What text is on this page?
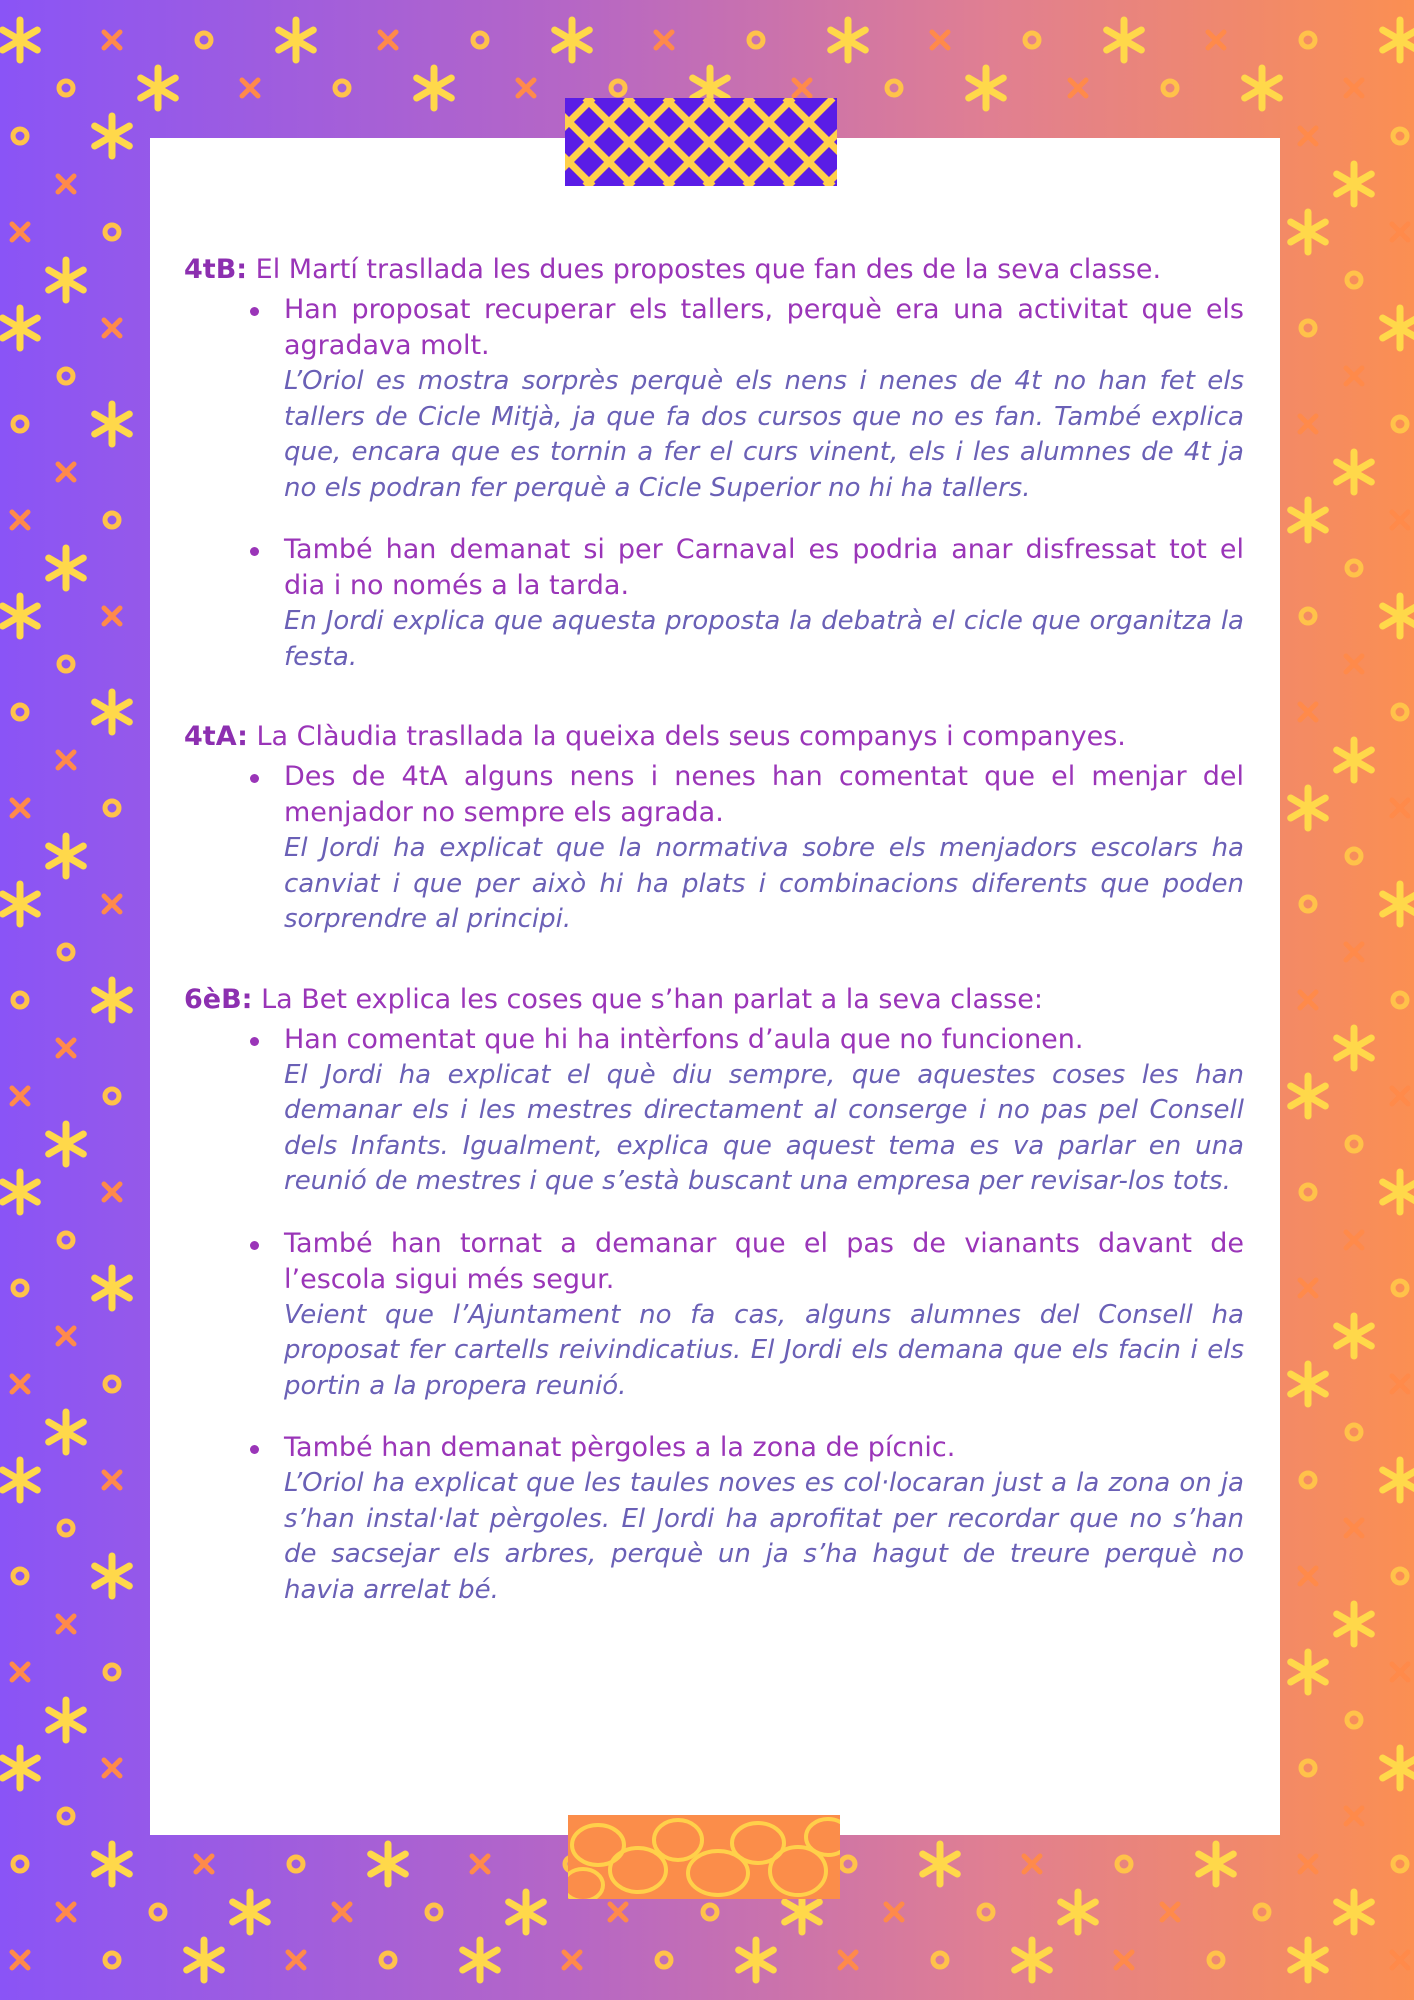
4tB: El Martí trasllada les dues propostes que fan des de la seva classe.

Han proposat recuperar els tallers, perquè era una activitat que els agradava molt.

L’Oriol es mostra sorprès perquè els nens i nenes de 4t no han fet els tallers de Cicle Mitjà, ja que fa dos cursos que no es fan. També explica que, encara que es tornin a fer el curs vinent, els i les alumnes de 4t ja no els podran fer perquè a Cicle Superior no hi ha tallers.

També han demanat si per Carnaval es podria anar disfressat tot el dia i no només a la tarda.

En Jordi explica que aquesta proposta la debatrà el cicle que organitza la festa.

4tA: La Clàudia trasllada la queixa dels seus companys i companyes.

Des de 4tA alguns nens i nenes han comentat que el menjar del menjador no sempre els agrada.

El Jordi ha explicat que la normativa sobre els menjadors escolars ha canviat i que per això hi ha plats i combinacions diferents que poden sorprendre al principi.

6èB: La Bet explica les coses que s’han parlat a la seva classe:

Han comentat que hi ha intèrfons d’aula que no funcionen.

El Jordi ha explicat el què diu sempre, que aquestes coses les han demanar els i les mestres directament al conserge i no pas pel Consell dels Infants. Igualment, explica que aquest tema es va parlar en una reunió de mestres i que s’està buscant una empresa per revisar-los tots.

També han tornat a demanar que el pas de vianants davant de l’escola sigui més segur.

Veient que l’Ajuntament no fa cas, alguns alumnes del Consell ha proposat fer cartells reivindicatius. El Jordi els demana que els facin i els portin a la propera reunió.

També han demanat pèrgoles a la zona de pícnic.

L’Oriol ha explicat que les taules noves es col·locaran just a la zona on ja s’han instal·lat pèrgoles. El Jordi ha aprofitat per recordar que no s’han de sacsejar els arbres, perquè un ja s’ha hagut de treure perquè no havia arrelat bé.
